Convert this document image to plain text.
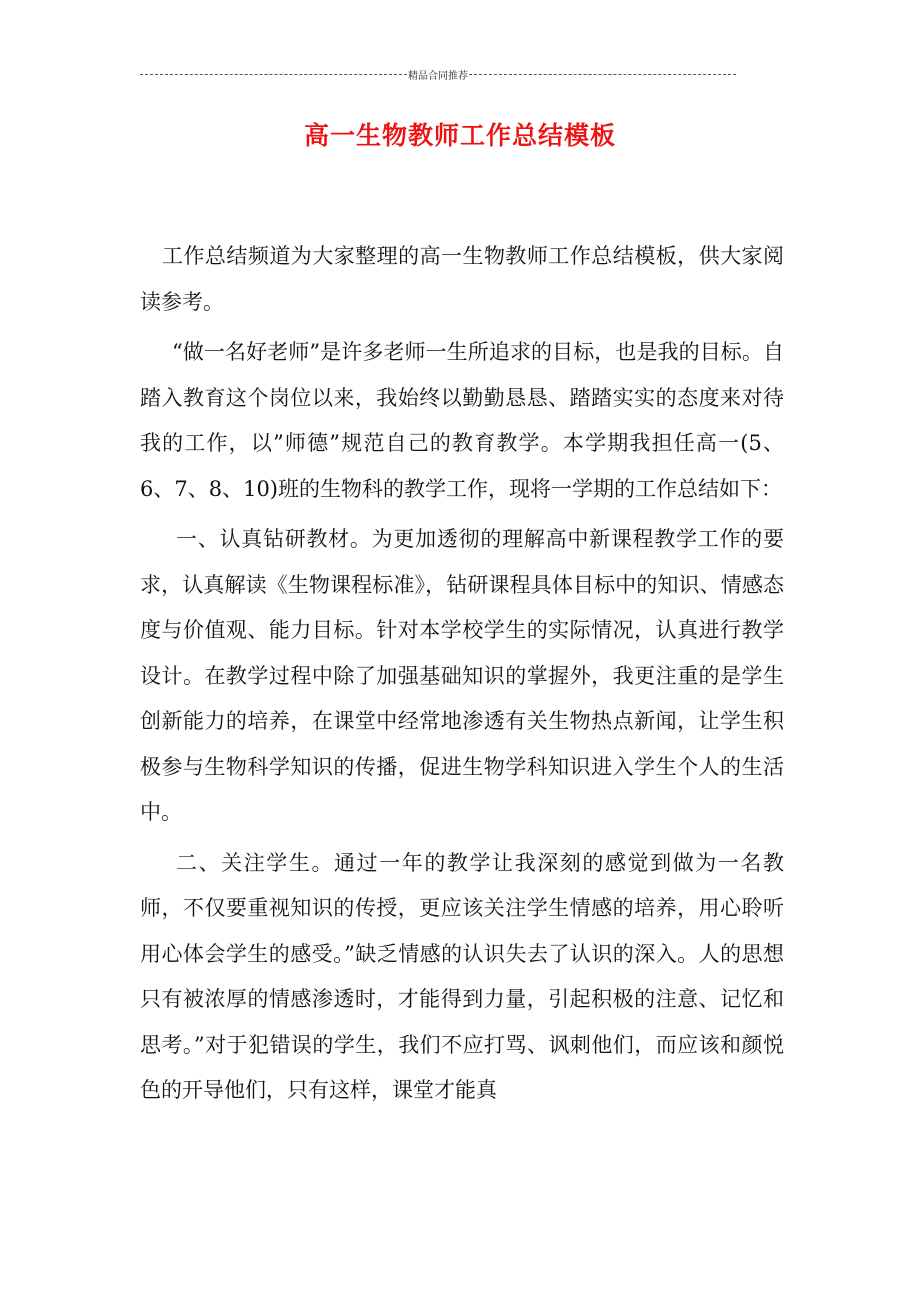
精品合同推荐
高一生物教师工作总结模板

工作总结频道为大家整理的高一生物教师工作总结模板，供大家阅读参考。

“做一名好老师”是许多老师一生所追求的目标，也是我的目标。自踏入教育这个岗位以来，我始终以勤勤恳恳、踏踏实实的态度来对待我的工作，以”师德”规范自己的教育教学。本学期我担任高一(5、6、7、8、10)班的生物科的教学工作，现将一学期的工作总结如下：

一、认真钻研教材。为更加透彻的理解高中新课程教学工作的要求，认真解读《生物课程标准》，钻研课程具体目标中的知识、情感态度与价值观、能力目标。针对本学校学生的实际情况，认真进行教学设计。在教学过程中除了加强基础知识的掌握外，我更注重的是学生创新能力的培养，在课堂中经常地渗透有关生物热点新闻，让学生积极参与生物科学知识的传播，促进生物学科知识进入学生个人的生活中。

二、关注学生。通过一年的教学让我深刻的感觉到做为一名教师，不仅要重视知识的传授，更应该关注学生情感的培养，用心聆听用心体会学生的感受。”缺乏情感的认识失去了认识的深入。人的思想只有被浓厚的情感渗透时，才能得到力量，引起积极的注意、记忆和思考。”对于犯错误的学生，我们不应打骂、讽刺他们，而应该和颜悦色的开导他们，只有这样，课堂才能真
